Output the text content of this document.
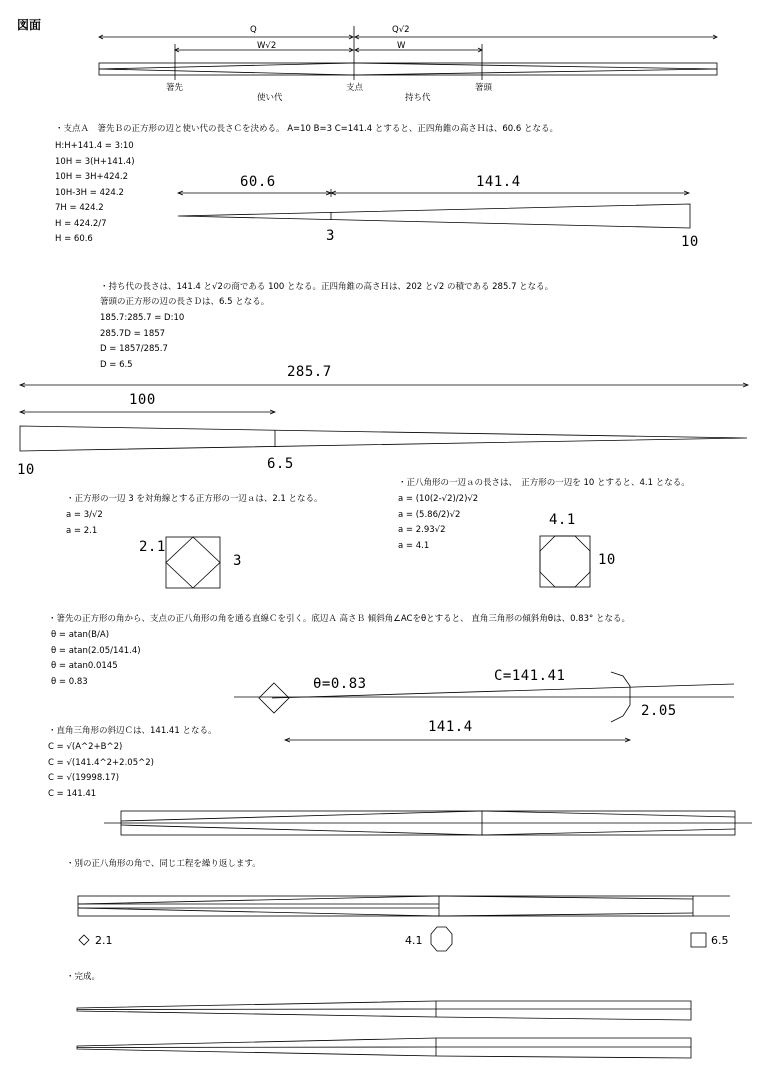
図面	Q	Q√2
W√2	W
箸先	支点	箸頭
使い代	持ち代
・支点Ａ　箸先Ｂの正方形の辺と使い代の長さＣを決める。 A=10 B=3 C=141.4 とすると、正四角錐の高さＨは、60.6 となる。
H:H+141.4 = 3:10
10H = 3(H+141.4)
10H = 3H+424.2
10H-3H = 424.2
7H = 424.2
H = 424.2/7
H = 60.6
60.6	141.4
3	10
・持ち代の長さは、141.4 と√2の商である 100 となる。正四角錐の高さＨは、202 と√2 の積である 285.7 となる。
箸頭の正方形の辺の長さＤは、6.5 となる。
185.7:285.7 = D:10
285.7D = 1857
D = 1857/285.7
D = 6.5	285.7
100
10	6.5
・正方形の一辺 3 を対角線とする正方形の一辺ａは、2.1 となる。
a = 3/√2
a = 2.1
2.1
3
・正八角形の一辺ａの長さは、　正方形の一辺を 10 とすると、4.1 となる。
a = (10(2-√2)/2)√2
a = (5.86/2)√2
a = 2.93√2
a = 4.1
4.1
10
・箸先の正方形の角から、支点の正八角形の角を通る直線Ｃを引く。底辺Ａ 高さＢ 傾斜角∠ACをθとすると、 直角三角形の傾斜角θは、0.83° となる。
θ = atan(B/A)
θ = atan(2.05/141.4)
θ = atan0.0145
θ = 0.83	θ=0.83	C=141.41
2.05
141.4
・直角三角形の斜辺Ｃは、141.41 となる。
C = √(A^2+B^2)
C = √(141.4^2+2.05^2)
C = √(19998.17)
C = 141.41
・別の正八角形の角で、同じ工程を繰り返します。
2.1	4.1	6.5
・完成。
